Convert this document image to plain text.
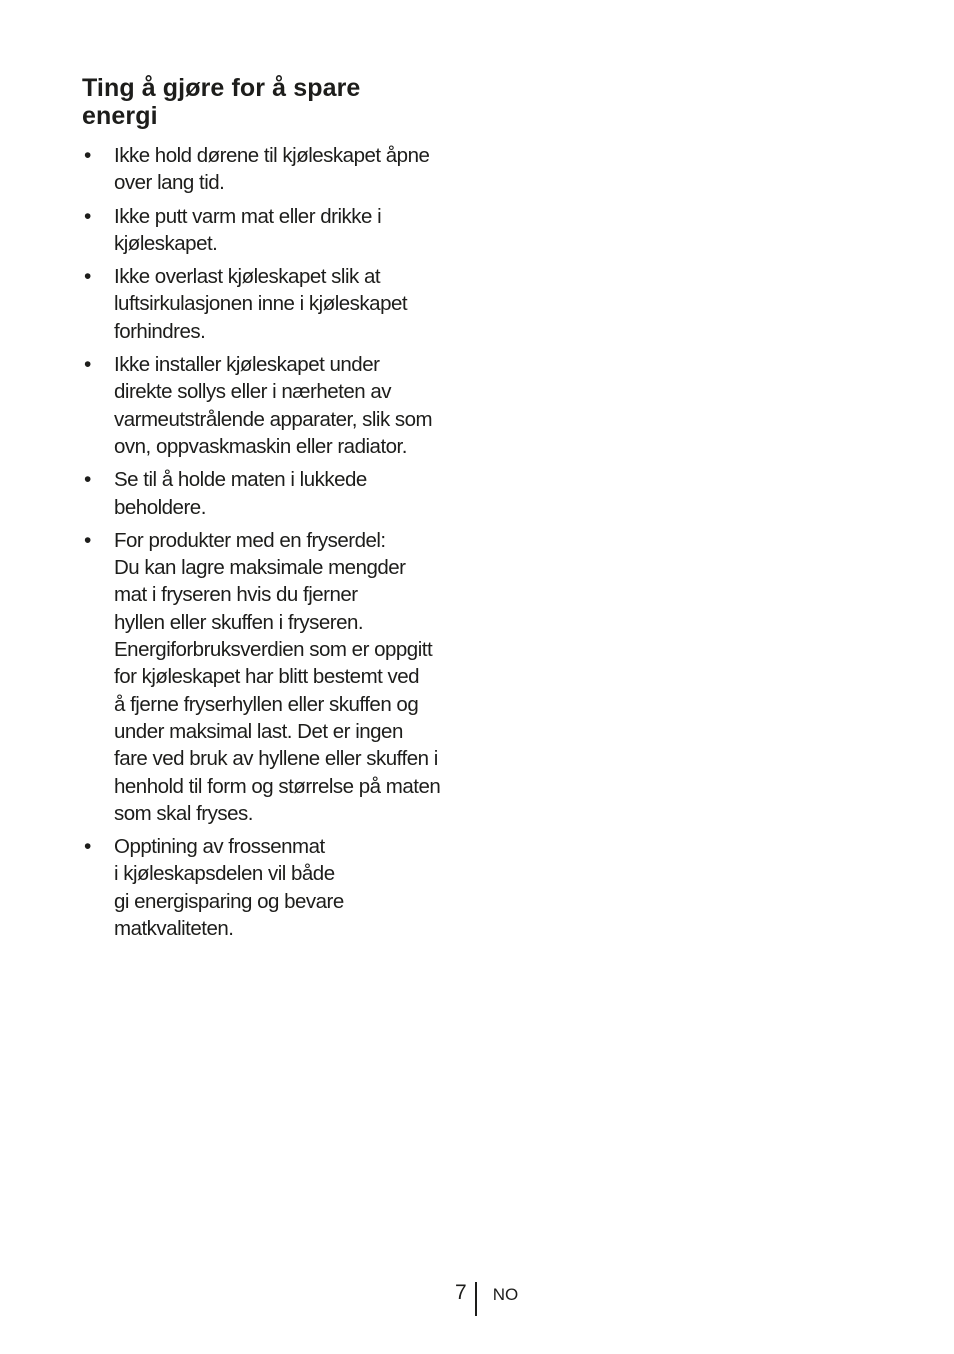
Ting å gjøre for å spare energi
• Ikke hold dørene til kjøleskapet åpne
over lang tid.
• Ikke putt varm mat eller drikke i
kjøleskapet.
• Ikke overlast kjøleskapet slik at
luftsirkulasjonen inne i kjøleskapet
forhindres.
• Ikke installer kjøleskapet under
direkte sollys eller i nærheten av
varmeutstrålende apparater, slik som
ovn, oppvaskmaskin eller radiator.
• Se til å holde maten i lukkede
beholdere.
• For produkter med en fryserdel:
Du kan lagre maksimale mengder
mat i fryseren hvis du fjerner
hyllen eller skuffen i fryseren.
Energiforbruksverdien som er oppgitt
for kjøleskapet har blitt bestemt ved
å fjerne fryserhyllen eller skuffen og
under maksimal last. Det er ingen
fare ved bruk av hyllene eller skuffen i
henhold til form og størrelse på maten
som skal fryses.
• Opptining av frossenmat
i kjøleskapsdelen vil både
gi energisparing og bevare
matkvaliteten.
7 NO
